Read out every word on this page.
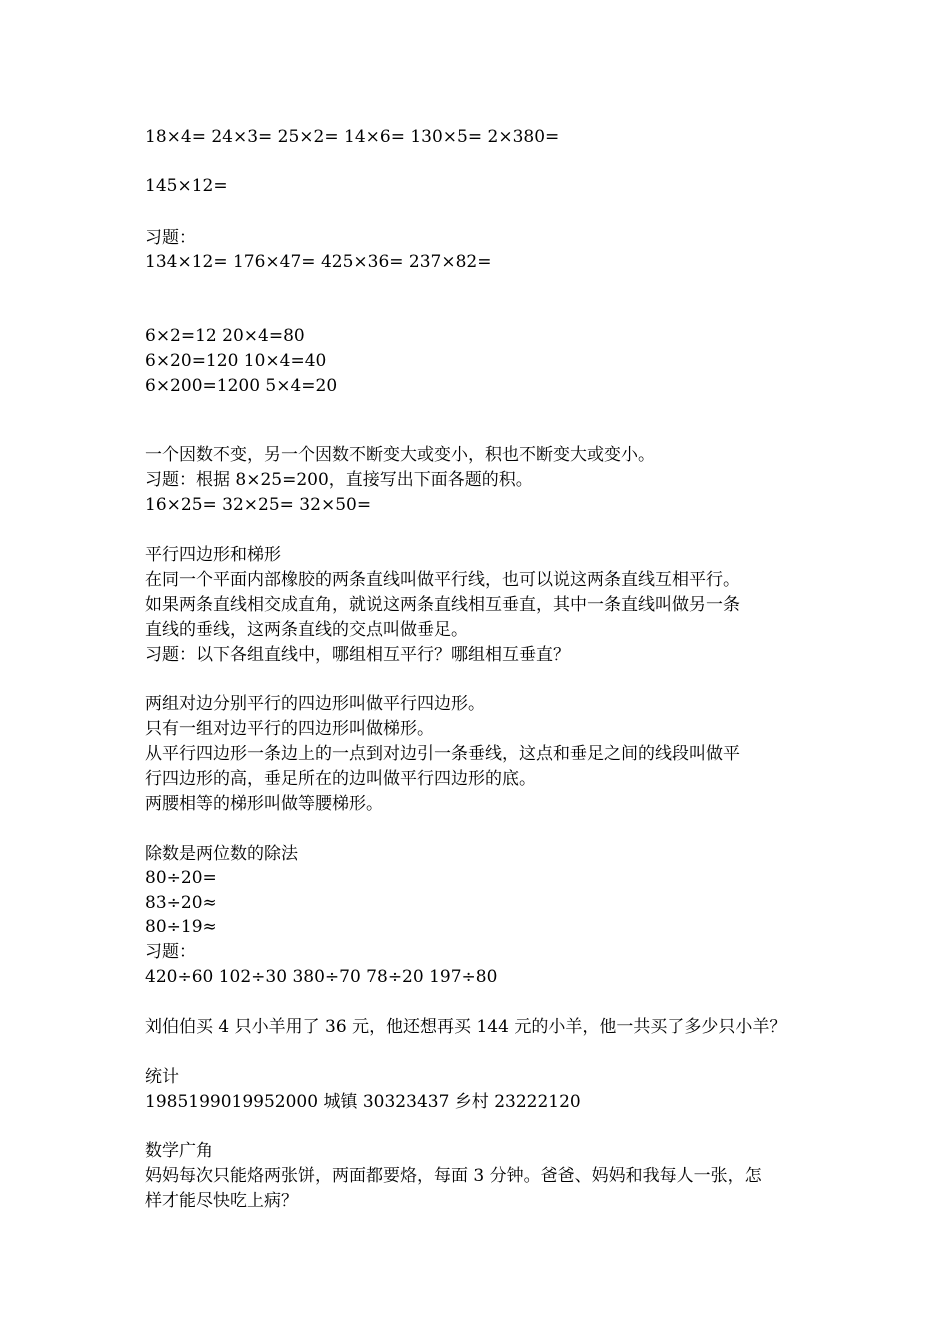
18×4= 24×3= 25×2= 14×6= 130×5= 2×380=
145×12=
习题：
134×12= 176×47= 425×36= 237×82=
6×2=12 20×4=80
6×20=120 10×4=40
6×200=1200 5×4=20
一个因数不变，另一个因数不断变大或变小，积也不断变大或变小。
习题：根据 8×25=200，直接写出下面各题的积。
16×25= 32×25= 32×50=
平行四边形和梯形
在同一个平面内部橡胶的两条直线叫做平行线，也可以说这两条直线互相平行。
如果两条直线相交成直角，就说这两条直线相互垂直，其中一条直线叫做另一条
直线的垂线，这两条直线的交点叫做垂足。
习题：以下各组直线中，哪组相互平行？哪组相互垂直？
两组对边分别平行的四边形叫做平行四边形。
只有一组对边平行的四边形叫做梯形。
从平行四边形一条边上的一点到对边引一条垂线，这点和垂足之间的线段叫做平
行四边形的高，垂足所在的边叫做平行四边形的底。
两腰相等的梯形叫做等腰梯形。
除数是两位数的除法
80÷20=
83÷20≈
80÷19≈
习题：
420÷60 102÷30 380÷70 78÷20 197÷80
刘伯伯买 4 只小羊用了 36 元，他还想再买 144 元的小羊，他一共买了多少只小羊？
统计
1985199019952000 城镇 30323437 乡村 23222120
数学广角
妈妈每次只能烙两张饼，两面都要烙，每面 3 分钟。爸爸、妈妈和我每人一张，怎
样才能尽快吃上病？
